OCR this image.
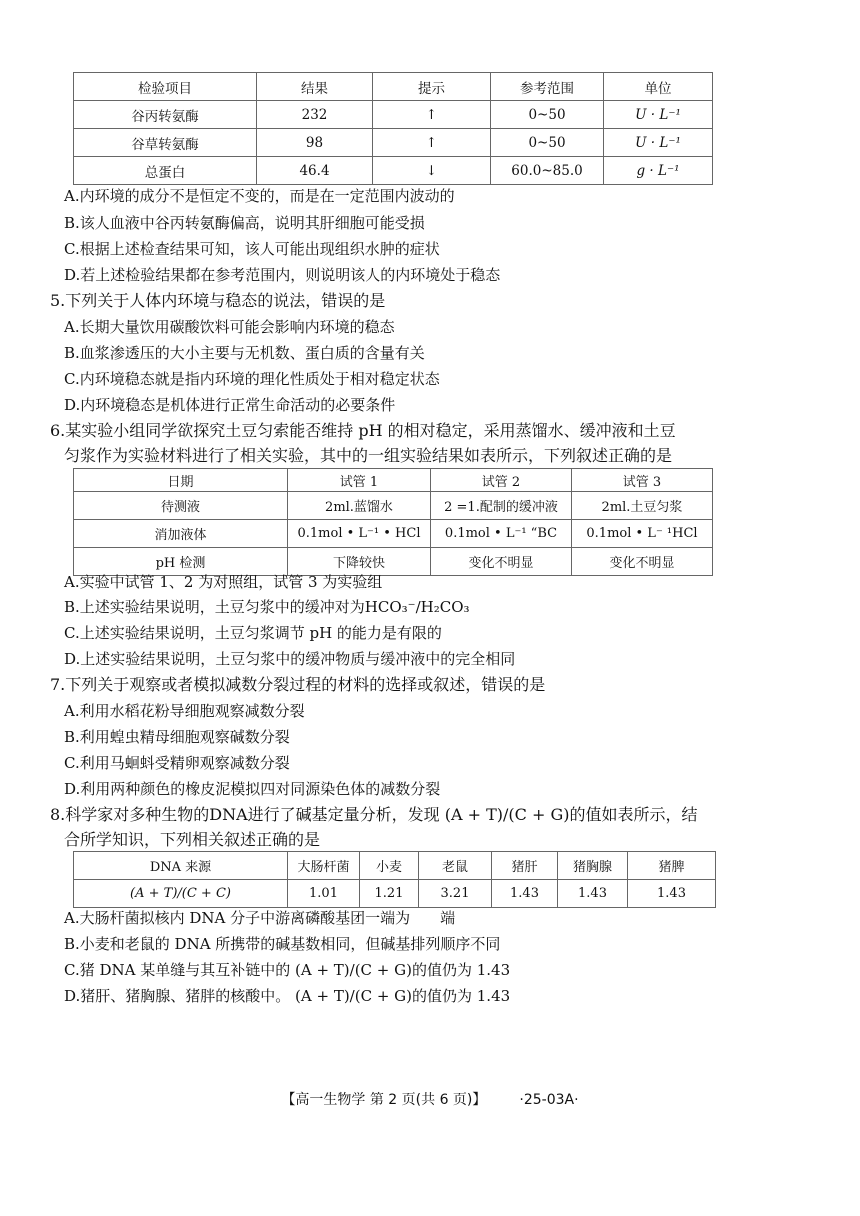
检验项目	结果	提示	参考范围	单位
谷丙转氨酶	232	↑	0~50	U · L⁻¹
谷草转氨酶	98	↑	0~50	U · L⁻¹
总蛋白	46.4	↓	60.0~85.0	g · L⁻¹
A.内环境的成分不是恒定不变的，而是在一定范围内波动的
B.该人血液中谷丙转氨酶偏高，说明其肝细胞可能受损
C.根据上述检查结果可知，该人可能出现组织水肿的症状
D.若上述检验结果都在参考范围内，则说明该人的内环境处于稳态
5.下列关于人体内环境与稳态的说法，错误的是
A.长期大量饮用碳酸饮料可能会影响内环境的稳态
B.血浆渗透压的大小主要与无机数、蛋白质的含量有关
C.内环境稳态就是指内环境的理化性质处于相对稳定状态
D.内环境稳态是机体进行正常生命活动的必要条件
6.某实验小组同学欲探究土豆匀索能否维持 pH 的相对稳定，采用蒸馏水、缓冲液和土豆
匀浆作为实验材料进行了相关实验，其中的一组实验结果如表所示，下列叙述正确的是
日期	试管 1	试管 2	试管 3
待测液	2ml.蓝馏水	2 =1.配制的缓冲液	2ml.土豆匀浆
消加液体	0.1mol • L⁻¹ • HCl	0.1mol • L⁻¹ “BC	0.1mol • L⁻ ¹HCl
pH 检测	下降较快	变化不明显	变化不明显
A.实验中试管 1、2 为对照组，试管 3 为实验组
B.上述实验结果说明，土豆匀浆中的缓冲对为HCO₃⁻/H₂CO₃
C.上述实验结果说明，土豆匀浆调节 pH 的能力是有限的
D.上述实验结果说明，土豆匀浆中的缓冲物质与缓冲液中的完全相同
7.下列关于观察或者模拟减数分裂过程的材料的选择或叙述，错误的是
A.利用水稻花粉导细胞观察减数分裂
B.利用蝗虫精母细胞观察碱数分裂
C.利用马蛔蚪受精卵观察减数分裂
D.利用两种颜色的橡皮泥模拟四对同源染色体的减数分裂
8.科学家对多种生物的DNA进行了碱基定量分析，发现 (A + T)/(C + G)的值如表所示，结
合所学知识，下列相关叙述正确的是
DNA 来源	大肠杆菌	小麦	老鼠	猪肝	猪胸腺	猪脾
(A + T)/(C + C)	1.01	1.21	3.21	1.43	1.43	1.43
A.大肠杆菌拟核内 DNA 分子中游离磷酸基团一端为　　端
B.小麦和老鼠的 DNA 所携带的碱基数相同，但碱基排列顺序不同
C.猪 DNA 某单缝与其互补链中的 (A + T)/(C + G)的值仍为 1.43
D.猪肝、猪胸腺、猪胖的核酸中。 (A + T)/(C + G)的值仍为 1.43
【高一生物学 第 2 页(共 6 页)】	·25-03A·
